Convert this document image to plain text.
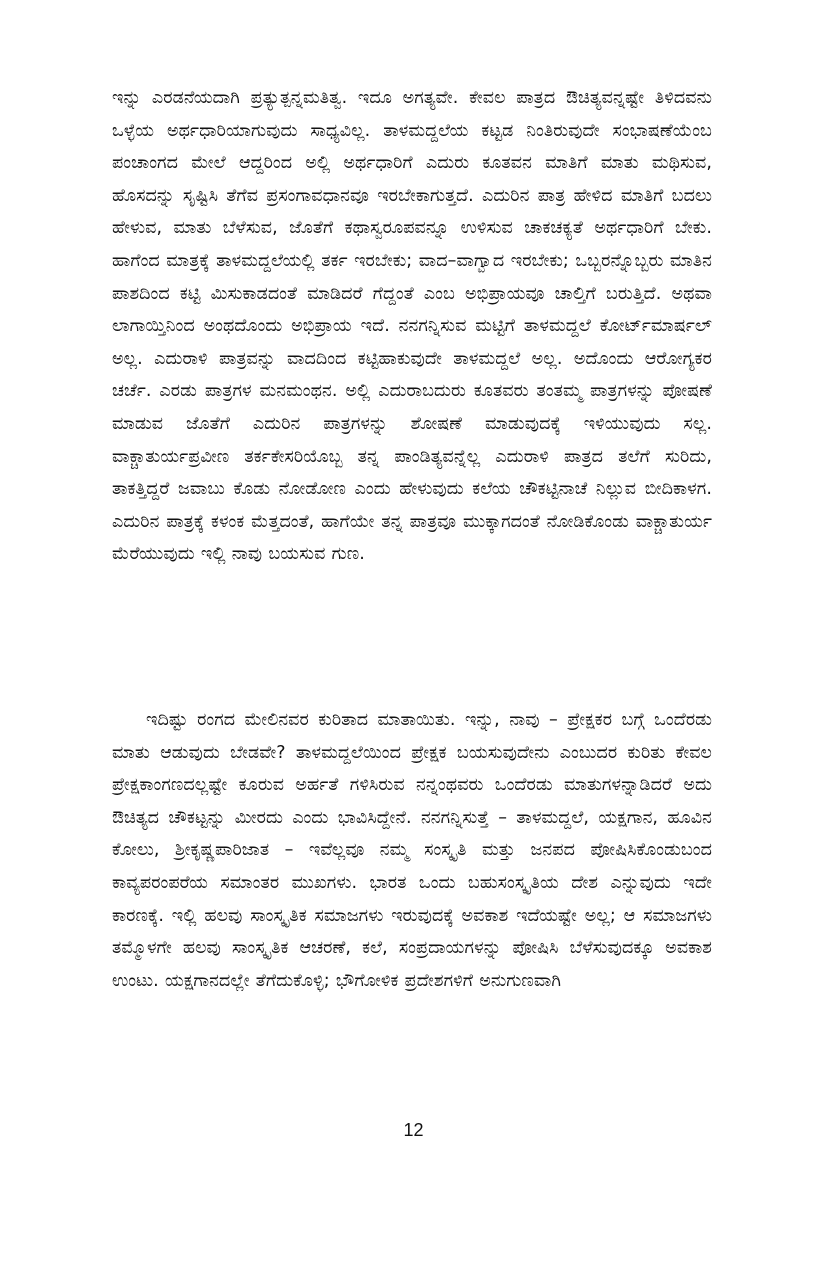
ಇನ್ನು ಎರಡನೆಯದಾಗಿ ಪ್ರತ್ಯುತ್ಪನ್ನಮತಿತ್ವ. ಇದೂ ಅಗತ್ಯವೇ. ಕೇವಲ ಪಾತ್ರದ ಔಚಿತ್ಯವನ್ನಷ್ಟೇ ತಿಳಿದವನು ಒಳ್ಳೆಯ ಅರ್ಥಧಾರಿಯಾಗುವುದು ಸಾಧ್ಯವಿಲ್ಲ. ತಾಳಮದ್ದಲೆಯ ಕಟ್ಟಡ ನಿಂತಿರುವುದೇ ಸಂಭಾಷಣೆಯೆಂಬ ಪಂಚಾಂಗದ ಮೇಲೆ ಆದ್ದರಿಂದ ಅಲ್ಲಿ ಅರ್ಥಧಾರಿಗೆ ಎದುರು ಕೂತವನ ಮಾತಿಗೆ ಮಾತು ಮಥಿಸುವ, ಹೊಸದನ್ನು ಸೃಷ್ಟಿಸಿ ತೆಗೆವ ಪ್ರಸಂಗಾವಧಾನವೂ ಇರಬೇಕಾಗುತ್ತದೆ. ಎದುರಿನ ಪಾತ್ರ ಹೇಳಿದ ಮಾತಿಗೆ ಬದಲು ಹೇಳುವ, ಮಾತು ಬೆಳೆಸುವ, ಜೊತೆಗೆ ಕಥಾಸ್ವರೂಪವನ್ನೂ ಉಳಿಸುವ ಚಾಕಚಕ್ಯತೆ ಅರ್ಥಧಾರಿಗೆ ಬೇಕು. ಹಾಗೆಂದ ಮಾತ್ರಕ್ಕೆ ತಾಳಮದ್ದಲೆಯಲ್ಲಿ ತರ್ಕ ಇರಬೇಕು; ವಾದ–ವಾಗ್ವಾದ ಇರಬೇಕು; ಒಬ್ಬರನ್ನೊಬ್ಬರು ಮಾತಿನ ಪಾಶದಿಂದ ಕಟ್ಟಿ ಮಿಸುಕಾಡದಂತೆ ಮಾಡಿದರೆ ಗೆದ್ದಂತೆ ಎಂಬ ಅಭಿಪ್ರಾಯವೂ ಚಾಲ್ತಿಗೆ ಬರುತ್ತಿದೆ. ಅಥವಾ ಲಾಗಾಯ್ತಿನಿಂದ ಅಂಥದೊಂದು ಅಭಿಪ್ರಾಯ ಇದೆ. ನನಗನ್ನಿಸುವ ಮಟ್ಟಿಗೆ ತಾಳಮದ್ದಲೆ ಕೋರ್ಟ್‌ಮಾರ್ಷಲ್ ಅಲ್ಲ. ಎದುರಾಳಿ ಪಾತ್ರವನ್ನು ವಾದದಿಂದ ಕಟ್ಟಿಹಾಕುವುದೇ ತಾಳಮದ್ದಲೆ ಅಲ್ಲ. ಅದೊಂದು ಆರೋಗ್ಯಕರ ಚರ್ಚೆ. ಎರಡು ಪಾತ್ರಗಳ ಮನಮಂಥನ. ಅಲ್ಲಿ ಎದುರಾಬದುರು ಕೂತವರು ತಂತಮ್ಮ ಪಾತ್ರಗಳನ್ನು ಪೋಷಣೆ ಮಾಡುವ ಜೊತೆಗೆ ಎದುರಿನ ಪಾತ್ರಗಳನ್ನು ಶೋಷಣೆ ಮಾಡುವುದಕ್ಕೆ ಇಳಿಯುವುದು ಸಲ್ಲ. ವಾಕ್ಚಾತುರ್ಯಪ್ರವೀಣ ತರ್ಕಕೇಸರಿಯೊಬ್ಬ ತನ್ನ ಪಾಂಡಿತ್ಯವನ್ನೆಲ್ಲ ಎದುರಾಳಿ ಪಾತ್ರದ ತಲೆಗೆ ಸುರಿದು, ತಾಕತ್ತಿದ್ದರೆ ಜವಾಬು ಕೊಡು ನೋಡೋಣ ಎಂದು ಹೇಳುವುದು ಕಲೆಯ ಚೌಕಟ್ಟಿನಾಚೆ ನಿಲ್ಲುವ ಬೀದಿಕಾಳಗ. ಎದುರಿನ ಪಾತ್ರಕ್ಕೆ ಕಳಂಕ ಮೆತ್ತದಂತೆ, ಹಾಗೆಯೇ ತನ್ನ ಪಾತ್ರವೂ ಮುಕ್ಕಾಗದಂತೆ ನೋಡಿಕೊಂಡು ವಾಕ್ಚಾತುರ್ಯ ಮೆರೆಯುವುದು ಇಲ್ಲಿ ನಾವು ಬಯಸುವ ಗುಣ.

ಇದಿಷ್ಟು ರಂಗದ ಮೇಲಿನವರ ಕುರಿತಾದ ಮಾತಾಯಿತು. ಇನ್ನು, ನಾವು – ಪ್ರೇಕ್ಷಕರ ಬಗ್ಗೆ ಒಂದೆರಡು ಮಾತು ಆಡುವುದು ಬೇಡವೇ? ತಾಳಮದ್ದಲೆಯಿಂದ ಪ್ರೇಕ್ಷಕ ಬಯಸುವುದೇನು ಎಂಬುದರ ಕುರಿತು ಕೇವಲ ಪ್ರೇಕ್ಷಕಾಂಗಣದಲ್ಲಷ್ಟೇ ಕೂರುವ ಅರ್ಹತೆ ಗಳಿಸಿರುವ ನನ್ನಂಥವರು ಒಂದೆರಡು ಮಾತುಗಳನ್ನಾಡಿದರೆ ಅದು ಔಚಿತ್ಯದ ಚೌಕಟ್ಟನ್ನು ಮೀರದು ಎಂದು ಭಾವಿಸಿದ್ದೇನೆ. ನನಗನ್ನಿಸುತ್ತೆ – ತಾಳಮದ್ದಲೆ, ಯಕ್ಷಗಾನ, ಹೂವಿನ ಕೋಲು, ಶ್ರೀಕೃಷ್ಣಪಾರಿಜಾತ – ಇವೆಲ್ಲವೂ ನಮ್ಮ ಸಂಸ್ಕೃತಿ ಮತ್ತು ಜನಪದ ಪೋಷಿಸಿಕೊಂಡುಬಂದ ಕಾವ್ಯಪರಂಪರೆಯ ಸಮಾಂತರ ಮುಖಗಳು. ಭಾರತ ಒಂದು ಬಹುಸಂಸ್ಕೃತಿಯ ದೇಶ ಎನ್ನುವುದು ಇದೇ ಕಾರಣಕ್ಕೆ. ಇಲ್ಲಿ ಹಲವು ಸಾಂಸ್ಕೃತಿಕ ಸಮಾಜಗಳು ಇರುವುದಕ್ಕೆ ಅವಕಾಶ ಇದೆಯಷ್ಟೇ ಅಲ್ಲ; ಆ ಸಮಾಜಗಳು ತಮ್ಮೊಳಗೇ ಹಲವು ಸಾಂಸ್ಕೃತಿಕ ಆಚರಣೆ, ಕಲೆ, ಸಂಪ್ರದಾಯಗಳನ್ನು ಪೋಷಿಸಿ ಬೆಳೆಸುವುದಕ್ಕೂ ಅವಕಾಶ ಉಂಟು. ಯಕ್ಷಗಾನದಲ್ಲೇ ತೆಗೆದುಕೊಳ್ಳಿ; ಭೌಗೋಳಿಕ ಪ್ರದೇಶಗಳಿಗೆ ಅನುಗುಣವಾಗಿ

12
